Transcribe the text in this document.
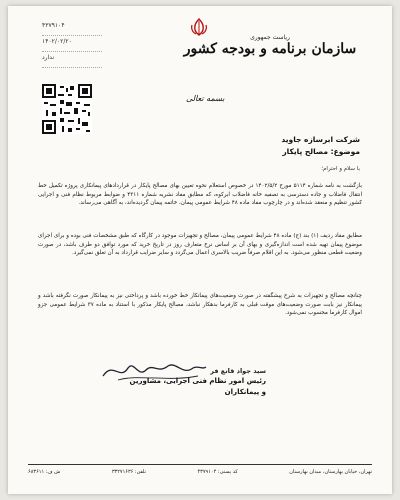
ریاست جمهوری
سازمان برنامه و بودجه کشور
۴۳۷۹۱۰۴
۱۴۰۲/۰۲/۲۰
ندارد
بسمه تعالی
شرکت ابرسازه جاوید
موضوع: مصالح پایکار
با سلام و احترام؛
بازگشت به نامه شماره ۵۱۱۴ مورخ ۱۴۰۲/۵/۲ در خصوص استعلام نحوه تعیین بهای مصالح پایکار در قراردادهای پیمانکاری پروژه تکمیل خط انتقال فاضلاب و جاده دسترسی به تصفیه خانه فاضلاب ابرکوه، که مطابق مفاد نشریه شماره ۴۳۱۱ و ضوابط مربوط نظام فنی و اجرایی کشور تنظیم و منعقد شده‌اند و در چارچوب مفاد ماده ۴۸ شرایط عمومی پیمان، خاتمه پیمان گردیده‌اند، به آگاهی می‌رساند.
مطابق مفاد ردیف (۱) بند (ج) ماده ۴۸ شرایط عمومی پیمان، مصالح و تجهیزات موجود در کارگاه که طبق مشخصات فنی بوده و برای اجرای موضوع پیمان تهیه شده است اندازه‌گیری و بهای آن بر اساس نرخ متعارف روز در تاریخ خرید که مورد توافق دو طرف باشد، در صورت وضعیت قطعی منظور می‌شود. به این اقلام صرفاً ضریب بالاسری اعمال می‌گردد و سایر ضرایب قرارداد به آن تعلق نمی‌گیرد.
چنانچه مصالح و تجهیزات به شرح پیشگفته در صورت وضعیت‌های پیمانکار خط خورده باشد و پرداختی نیز به پیمانکار صورت نگرفته باشد و پیمانکار نیز بابت صورت وضعیت‌های موقت قبلی به کارفرما بدهکار نباشد، مصالح پایکار مذکور با استناد به ماده ۳۷ شرایط عمومی جزو اموال کارفرما محسوب نمی‌شود.
سید جواد قانع فر
رئیس امور نظام فنی اجرایی، مشاورین
و پیمانکاران
تهران، خیابان بهارستان، میدان بهارستان
کد پستی: ۴۳۷۹۱۰۴
تلفن: ۳۳۲۷۱۶۳۶
ش ف: ۶۸۳۶۱۱
